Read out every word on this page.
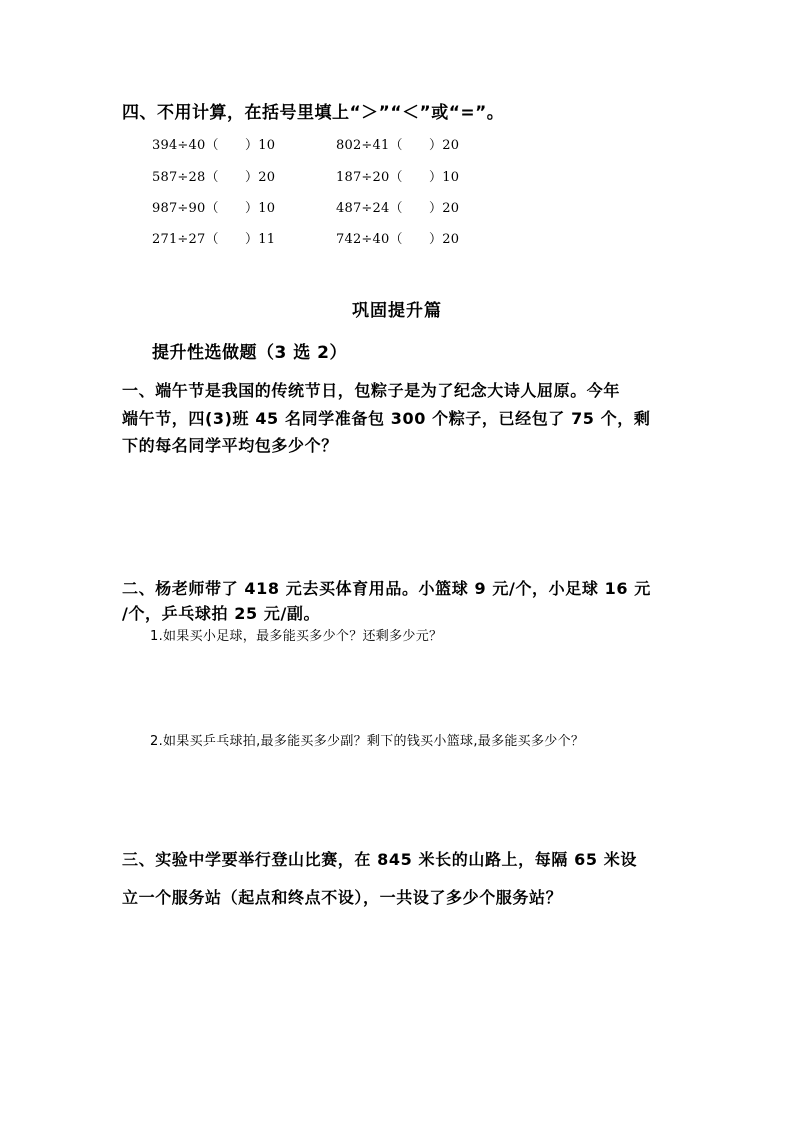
四、不用计算，在括号里填上“＞”“＜”或“=”。
394÷40（　　）10	802÷41（　　）20
587÷28（　　）20	187÷20（　　）10
987÷90（　　）10	487÷24（　　）20
271÷27（　　）11	742÷40（　　）20
巩固提升篇
提升性选做题（3 选 2）
一、端午节是我国的传统节日，包粽子是为了纪念大诗人屈原。今年
端午节，四(3)班 45 名同学准备包 300 个粽子，已经包了 75 个，剩
下的每名同学平均包多少个？
二、杨老师带了 418 元去买体育用品。小篮球 9 元/个，小足球 16 元
/个，乒乓球拍 25 元/副。
1.如果买小足球，最多能买多少个？还剩多少元？
2.如果买乒乓球拍,最多能买多少副？剩下的钱买小篮球,最多能买多少个？
三、实验中学要举行登山比赛，在 845 米长的山路上，每隔 65 米设
立一个服务站（起点和终点不设），一共设了多少个服务站？
